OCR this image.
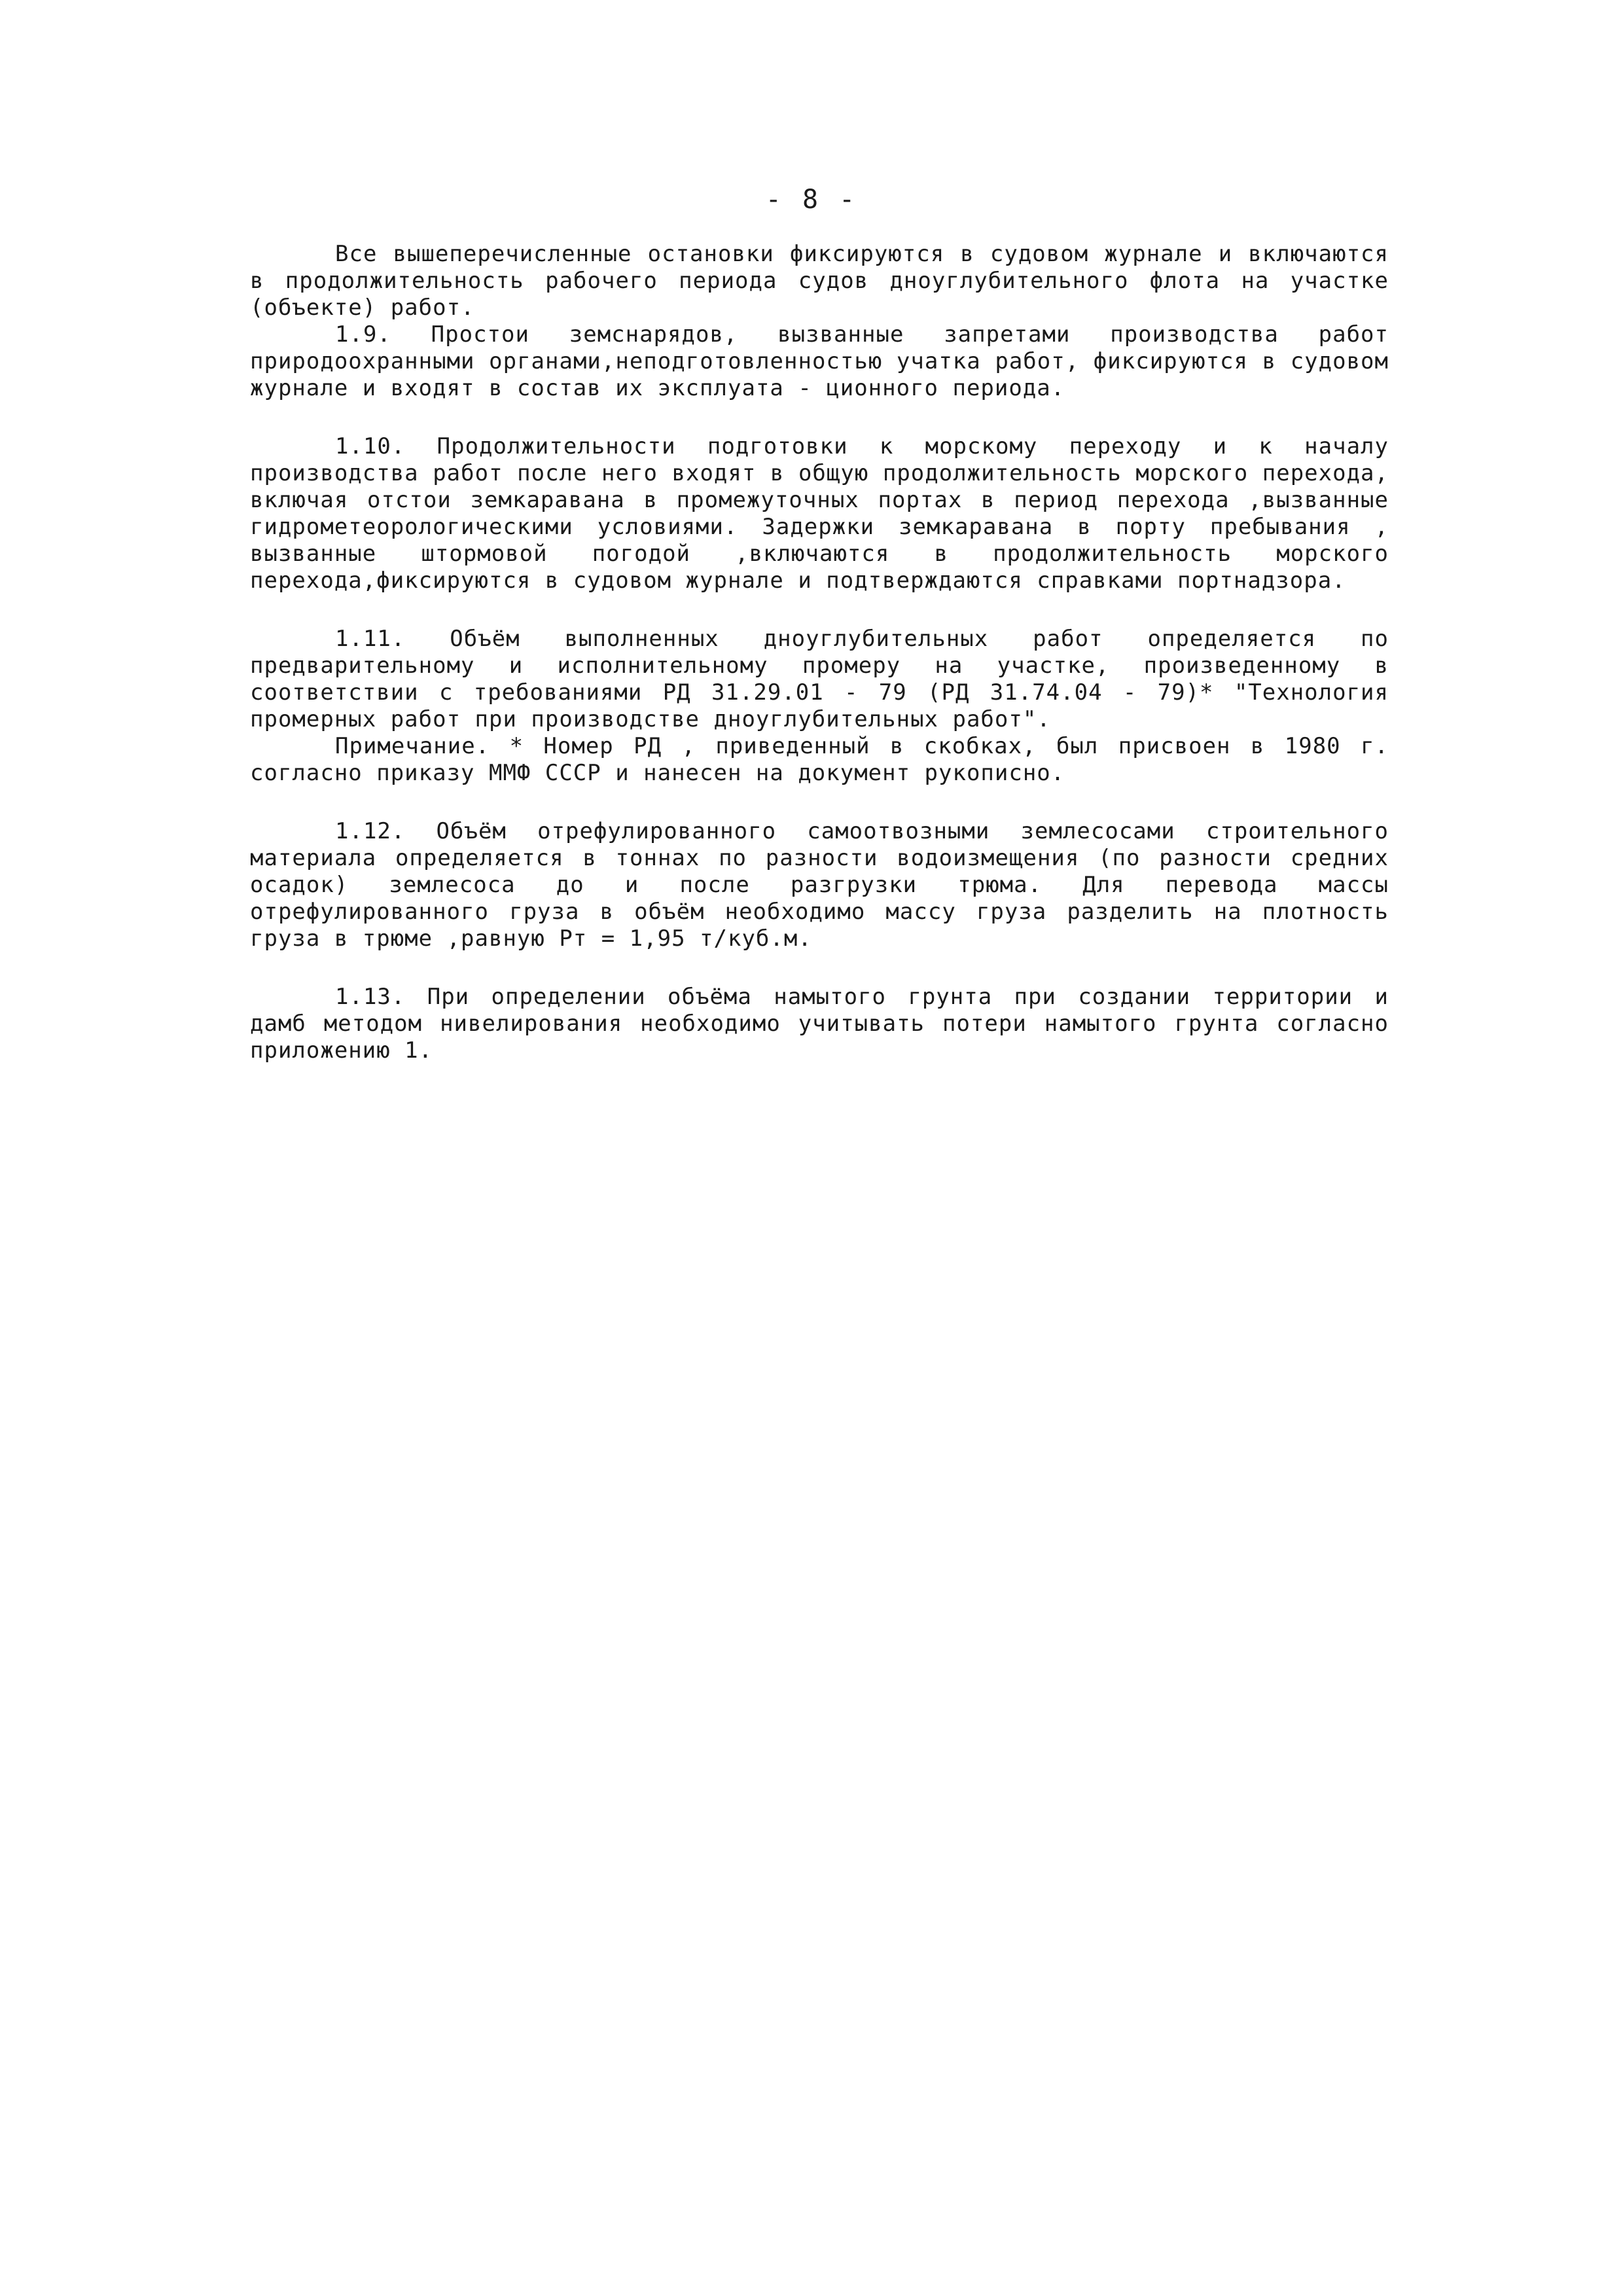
- 8 -

Все вышеперечисленные остановки фиксируются в судовом журнале и включаются в продолжительность рабочего периода судов дноуглубительного флота на участке (объекте) работ.

1.9. Простои земснарядов, вызванные запретами производства работ природоохранными органами,неподготовленностью учатка работ, фиксируются в судовом журнале и входят в состав их эксплуата - ционного периода.

1.10. Продолжительности подготовки к морскому переходу и к началу производства работ после него входят в общую продолжительность морского перехода, включая отстои земкаравана в промежуточных портах в период перехода ,вызванные гидрометеорологическими условиями. Задержки земкаравана в порту пребывания , вызванные штормовой погодой ,включаются в продолжительность морского перехода,фиксируются в судовом журнале и подтверждаются справками портнадзора.

1.11. Объём выполненных дноуглубительных работ определяется по предварительному и исполнительному промеру на участке, произведенному в соответствии с требованиями РД 31.29.01 - 79 (РД 31.74.04 - 79)* "Технология промерных работ при производстве дноуглубительных работ".

Примечание. * Номер РД , приведенный в скобках, был присвоен в 1980 г. согласно приказу ММФ СССР и нанесен на документ рукописно.

1.12. Объём отрефулированного самоотвозными землесосами строительного материала определяется в тоннах по разности водоизмещения (по разности средних осадок) землесоса до и после разгрузки трюма. Для перевода массы отрефулированного груза в объём необходимо массу груза разделить на плотность груза в трюме ,равную Рт = 1,95 т/куб.м.

1.13. При определении объёма намытого грунта при создании территории и дамб методом нивелирования необходимо учитывать потери намытого грунта согласно приложению 1.
